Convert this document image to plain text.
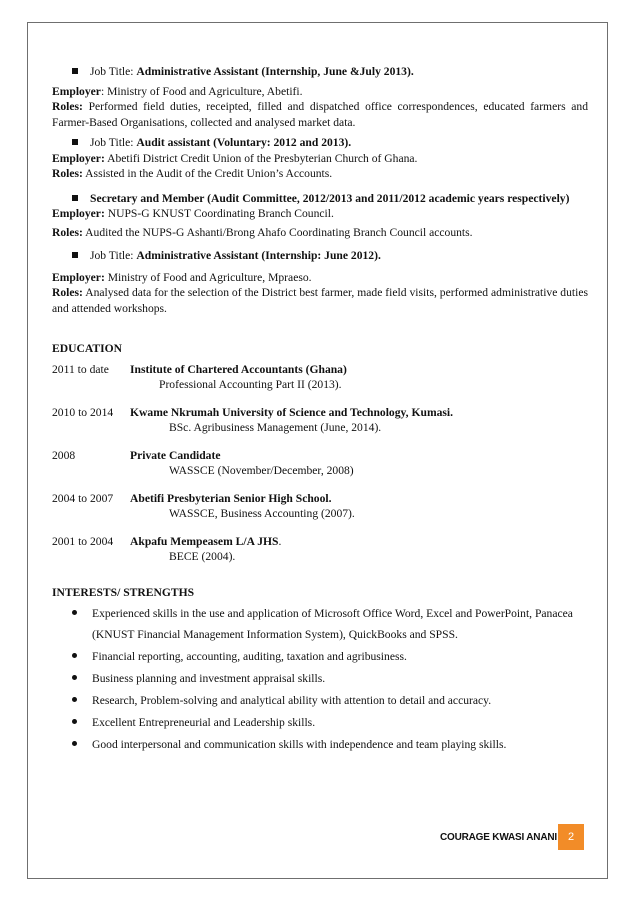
Job Title: Administrative Assistant (Internship, June &July 2013).
Employer: Ministry of Food and Agriculture, Abetifi.
Roles: Performed field duties, receipted, filled and dispatched office correspondences, educated farmers and Farmer-Based Organisations, collected and analysed market data.
Job Title: Audit assistant (Voluntary: 2012 and 2013).
Employer: Abetifi District Credit Union of the Presbyterian Church of Ghana.
Roles: Assisted in the Audit of the Credit Union’s Accounts.
Secretary and Member (Audit Committee, 2012/2013 and 2011/2012 academic years respectively)
Employer: NUPS-G KNUST Coordinating Branch Council.
Roles: Audited the NUPS-G Ashanti/Brong Ahafo Coordinating Branch Council accounts.
Job Title: Administrative Assistant (Internship: June 2012).
Employer: Ministry of Food and Agriculture, Mpraeso.
Roles: Analysed data for the selection of the District best farmer, made field visits, performed administrative duties and attended workshops.
EDUCATION
2011 to date	Institute of Chartered Accountants (Ghana)
Professional Accounting Part II (2013).
2010 to 2014	Kwame Nkrumah University of Science and Technology, Kumasi.
BSc. Agribusiness Management (June, 2014).
2008	Private Candidate
WASSCE (November/December, 2008)
2004 to 2007	Abetifi Presbyterian Senior High School.
WASSCE, Business Accounting (2007).
2001 to 2004	Akpafu Mempeasem L/A JHS .
BECE (2004).
INTERESTS/ STRENGTHS
Experienced skills in the use and application of Microsoft Office Word, Excel and PowerPoint, Panacea (KNUST Financial Management Information System), QuickBooks and SPSS.
Financial reporting, accounting, auditing, taxation and agribusiness.
Business planning and investment appraisal skills.
Research, Problem-solving and analytical ability with attention to detail and accuracy.
Excellent Entrepreneurial and Leadership skills.
Good interpersonal and communication skills with independence and team playing skills.
COURAGE KWASI ANANI 2
